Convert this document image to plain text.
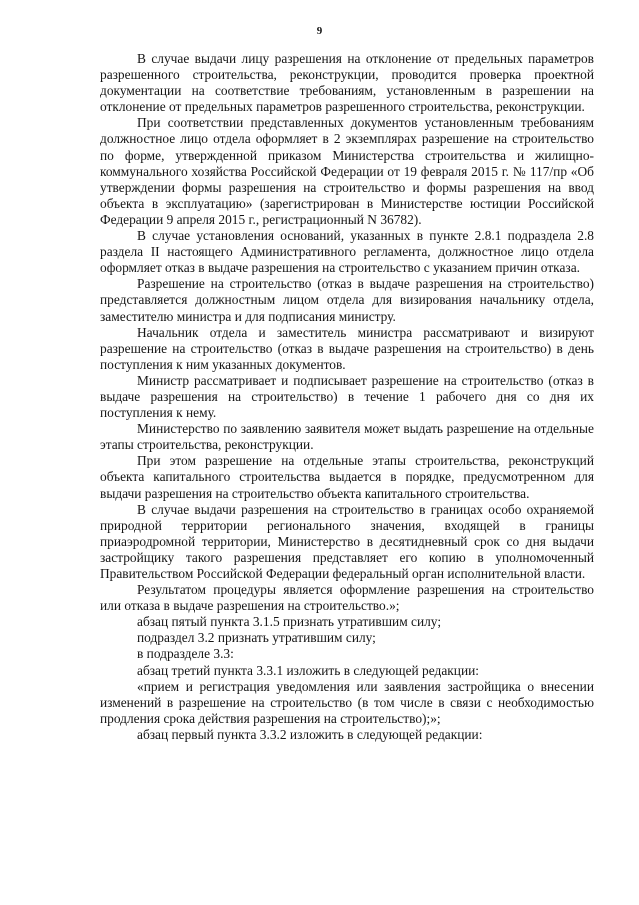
9

В случае выдачи лицу разрешения на отклонение от предельных параметров разрешенного строительства, реконструкции, проводится проверка проектной документации на соответствие требованиям, установленным в разрешении на отклонение от предельных параметров разрешенного строительства, реконструкции.

При соответствии представленных документов установленным требованиям должностное лицо отдела оформляет в 2 экземплярах разрешение на строительство по форме, утвержденной приказом Министерства строительства и жилищно-коммунального хозяйства Российской Федерации от 19 февраля 2015 г. № 117/пр «Об утверждении формы разрешения на строительство и формы разрешения на ввод объекта в эксплуатацию» (зарегистрирован в Министерстве юстиции Российской Федерации 9 апреля 2015 г., регистрационный N 36782).

В случае установления оснований, указанных в пункте 2.8.1 подраздела 2.8 раздела II настоящего Административного регламента, должностное лицо отдела оформляет отказ в выдаче разрешения на строительство с указанием причин отказа.

Разрешение на строительство (отказ в выдаче разрешения на строительство) представляется должностным лицом отдела для визирования начальнику отдела, заместителю министра и для подписания министру.

Начальник отдела и заместитель министра рассматривают и визируют разрешение на строительство (отказ в выдаче разрешения на строительство) в день поступления к ним указанных документов.

Министр рассматривает и подписывает разрешение на строительство (отказ в выдаче разрешения на строительство) в течение 1 рабочего дня со дня их поступления к нему.

Министерство по заявлению заявителя может выдать разрешение на отдельные этапы строительства, реконструкции.

При этом разрешение на отдельные этапы строительства, реконструкций объекта капитального строительства выдается в порядке, предусмотренном для выдачи разрешения на строительство объекта капитального строительства.

В случае выдачи разрешения на строительство в границах особо охраняемой природной территории регионального значения, входящей в границы приаэродромной территории, Министерство в десятидневный срок со дня выдачи застройщику такого разрешения представляет его копию в уполномоченный Правительством Российской Федерации федеральный орган исполнительной власти.

Результатом процедуры является оформление разрешения на строительство или отказа в выдаче разрешения на строительство.»;

абзац пятый пункта 3.1.5 признать утратившим силу;

подраздел 3.2 признать утратившим силу;

в подразделе 3.3:

абзац третий пункта 3.3.1 изложить в следующей редакции:

«прием и регистрация уведомления или заявления застройщика о внесении изменений в разрешение на строительство (в том числе в связи с необходимостью продления срока действия разрешения на строительство);»;

абзац первый пункта 3.3.2 изложить в следующей редакции:
